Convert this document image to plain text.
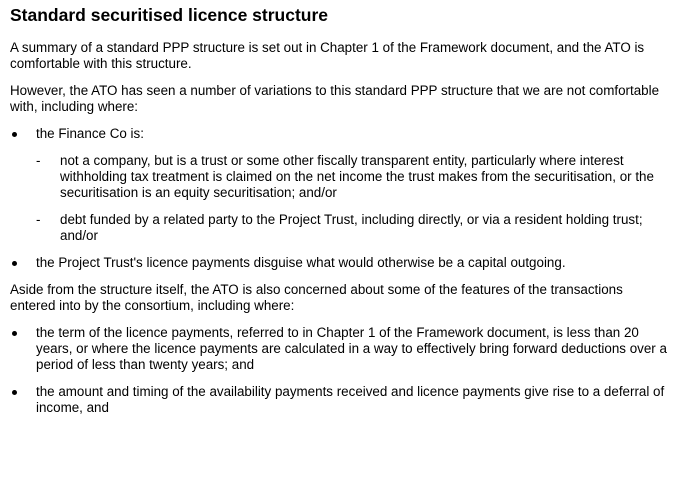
Standard securitised licence structure

A summary of a standard PPP structure is set out in Chapter 1 of the Framework document, and the ATO is comfortable with this structure.

However, the ATO has seen a number of variations to this standard PPP structure that we are not comfortable with, including where:

the Finance Co is:
- not a company, but is a trust or some other fiscally transparent entity, particularly where interest withholding tax treatment is claimed on the net income the trust makes from the securitisation, or the securitisation is an equity securitisation; and/or
- debt funded by a related party to the Project Trust, including directly, or via a resident holding trust; and/or
the Project Trust's licence payments disguise what would otherwise be a capital outgoing.

Aside from the structure itself, the ATO is also concerned about some of the features of the transactions entered into by the consortium, including where:

the term of the licence payments, referred to in Chapter 1 of the Framework document, is less than 20 years, or where the licence payments are calculated in a way to effectively bring forward deductions over a period of less than twenty years; and
the amount and timing of the availability payments received and licence payments give rise to a deferral of income, and
